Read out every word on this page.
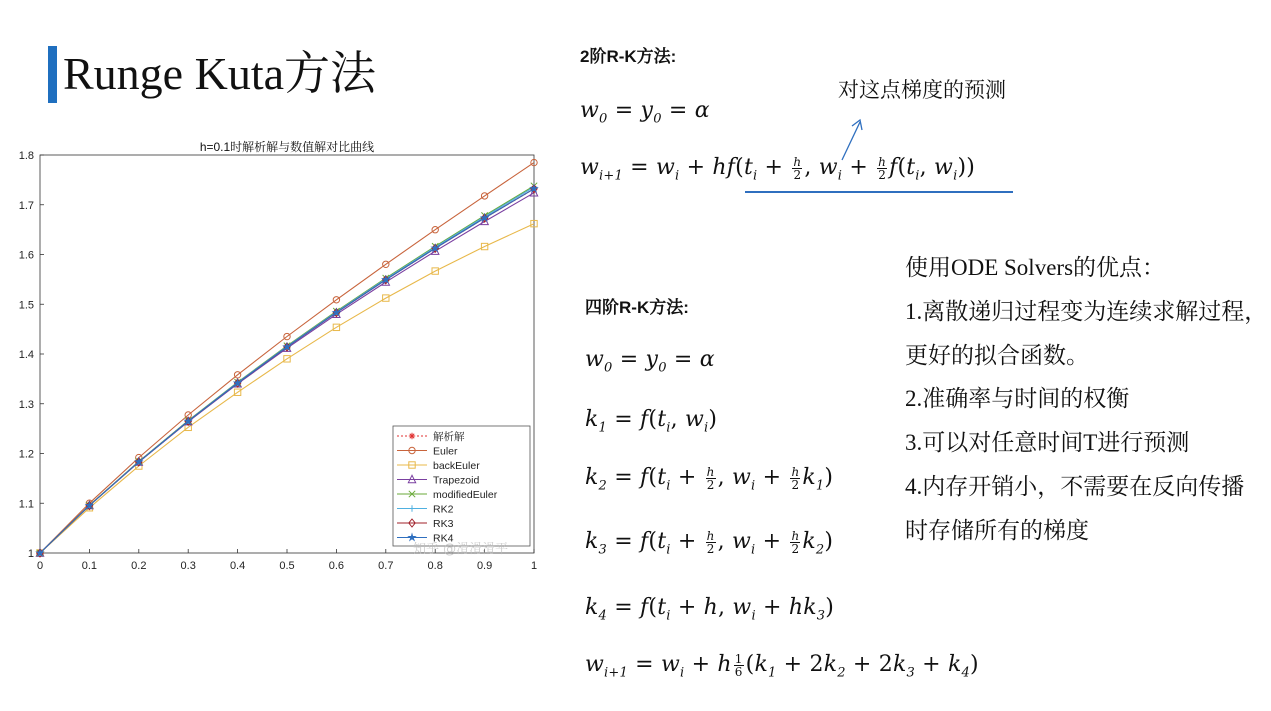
Runge Kuta方法
h=0.1时解析解与数值解对比曲线
0	0.1	0.2	0.3	0.4	0.5	0.6	0.7	0.8	0.9	1
1
1.1
1.2
1.3
1.4
1.5
1.6
1.7
1.8
解析解
Euler
backEuler
Trapezoid
modifiedEuler
RK2
RK3
RK4
知乎 @滑滑滑平
2阶R-K方法:
对这点梯度的预测
$w_0 = y_0 = \alpha$
$w_{i+1} = w_i + hf(t_i + \frac{h}{2}$ , $w_i + \frac{h}{2} f(t_i$, $w_i$))
四阶R-K方法:
$w_0 = y_0 = \alpha$
$k_1 = f(t_i$, $w_i$)
$k_2 = f(t_i + \frac{h}{2}$ , $w_i + \frac{h}{2} k_1$)
$k_3 = f(t_i + \frac{h}{2}$ , $w_i + \frac{h}{2} k_2$)
$k_4 = f(t_i + h$, $w_i + hk_3$)
$w_{i+1} = w_i + h \frac{1}{6} (k_1 + 2k_2 + 2k_3 + k_4)$
使用ODE Solvers的优点：
1.离散递归过程变为连续求解过程，
更好的拟合函数。
2.准确率与时间的权衡
3.可以对任意时间T进行预测
4.内存开销小，不需要在反向传播
时存储所有的梯度
